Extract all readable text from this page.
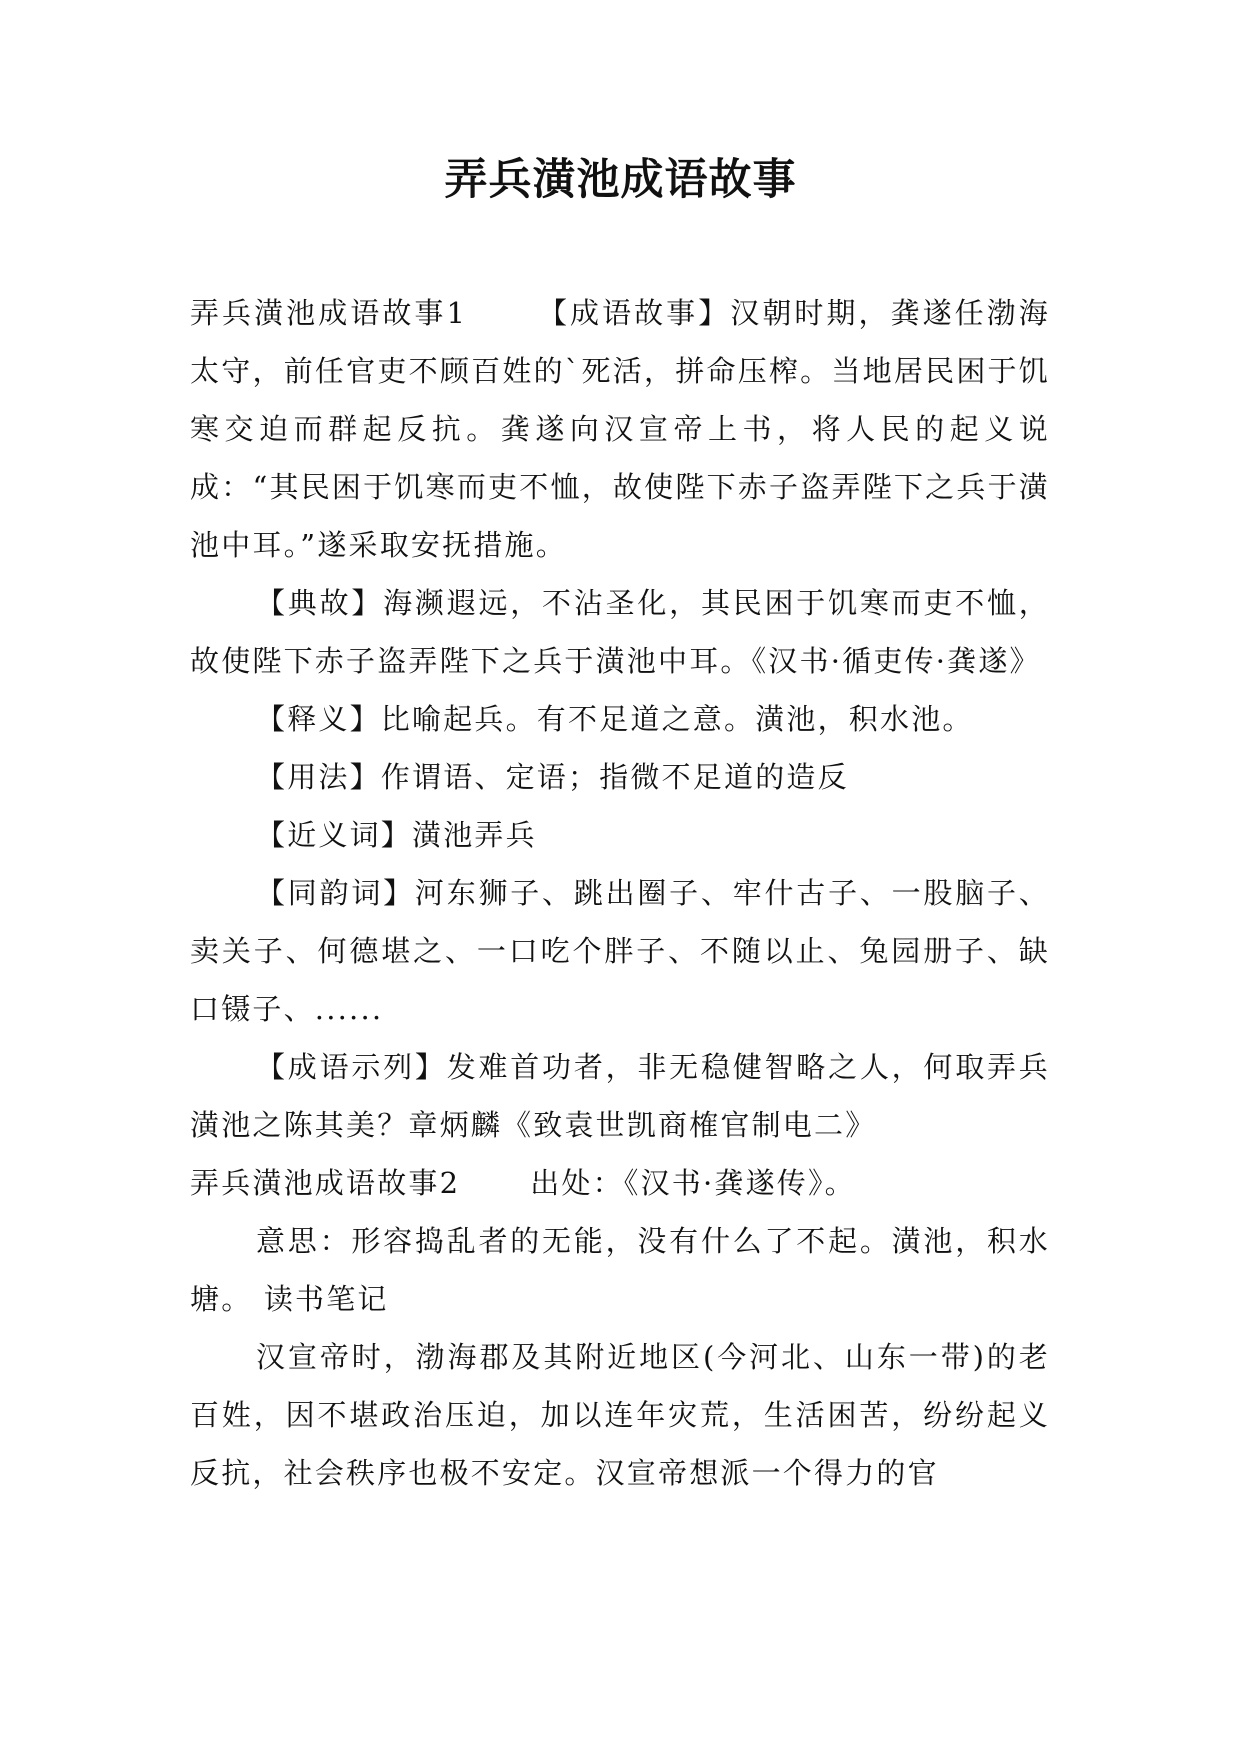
弄兵潢池成语故事

弄兵潢池成语故事1 【成语故事】汉朝时期，龚遂任渤海太守，前任官吏不顾百姓的`死活，拼命压榨。当地居民困于饥寒交迫而群起反抗。龚遂向汉宣帝上书，将人民的起义说成：“其民困于饥寒而吏不恤，故使陛下赤子盗弄陛下之兵于潢池中耳。”遂采取安抚措施。

【典故】海濒遐远，不沾圣化，其民困于饥寒而吏不恤，故使陛下赤子盗弄陛下之兵于潢池中耳。《汉书·循吏传·龚遂》

【释义】比喻起兵。有不足道之意。潢池，积水池。

【用法】作谓语、定语；指微不足道的造反

【近义词】潢池弄兵

【同韵词】河东狮子、跳出圈子、牢什古子、一股脑子、卖关子、何德堪之、一口吃个胖子、不随以止、兔园册子、缺口镊子、......

【成语示列】发难首功者，非无稳健智略之人，何取弄兵潢池之陈其美？章炳麟《致袁世凯商榷官制电二》

弄兵潢池成语故事2 出处：《汉书·龚遂传》。

意思：形容捣乱者的无能，没有什么了不起。潢池，积水塘。 读书笔记

汉宣帝时，渤海郡及其附近地区(今河北、山东一带)的老百姓，因不堪政治压迫，加以连年灾荒，生活困苦，纷纷起义反抗，社会秩序也极不安定。汉宣帝想派一个得力的官
